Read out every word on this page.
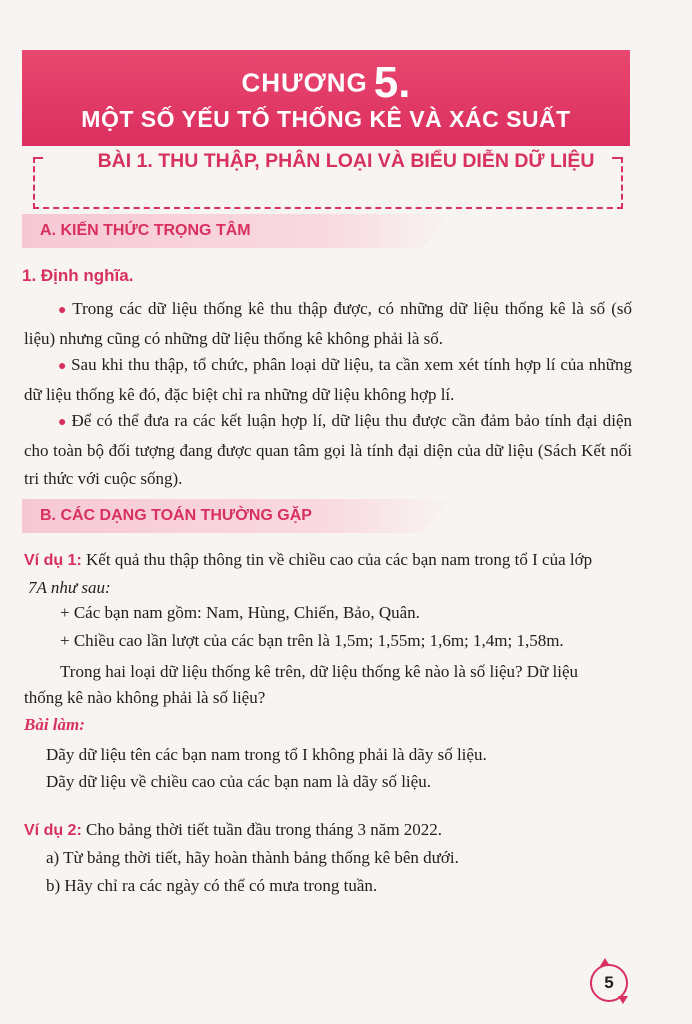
CHƯƠNG 5.
MỘT SỐ YẾU TỐ THỐNG KÊ VÀ XÁC SUẤT
BÀI 1. THU THẬP, PHÂN LOẠI VÀ BIỂU DIỄN DỮ LIỆU
A. KIẾN THỨC TRỌNG TÂM
1. Định nghĩa.
● Trong các dữ liệu thống kê thu thập được, có những dữ liệu thống kê là số (số liệu) nhưng cũng có những dữ liệu thống kê không phải là số.
● Sau khi thu thập, tổ chức, phân loại dữ liệu, ta cần xem xét tính hợp lí của những dữ liệu thống kê đó, đặc biệt chỉ ra những dữ liệu không hợp lí.
● Để có thể đưa ra các kết luận hợp lí, dữ liệu thu được cần đảm bảo tính đại diện cho toàn bộ đối tượng đang được quan tâm gọi là tính đại diện của dữ liệu (Sách Kết nối tri thức với cuộc sống).
B. CÁC DẠNG TOÁN THƯỜNG GẶP
Ví dụ 1: Kết quả thu thập thông tin về chiều cao của các bạn nam trong tổ I của lớp
7A như sau:
+ Các bạn nam gồm: Nam, Hùng, Chiến, Bảo, Quân.
+ Chiều cao lần lượt của các bạn trên là 1,5m; 1,55m; 1,6m; 1,4m; 1,58m.
Trong hai loại dữ liệu thống kê trên, dữ liệu thống kê nào là số liệu? Dữ liệu
thống kê nào không phải là số liệu?
Bài làm:
Dãy dữ liệu tên các bạn nam trong tổ I không phải là dãy số liệu.
Dãy dữ liệu về chiều cao của các bạn nam là dãy số liệu.
Ví dụ 2: Cho bảng thời tiết tuần đầu trong tháng 3 năm 2022.
a) Từ bảng thời tiết, hãy hoàn thành bảng thống kê bên dưới.
b) Hãy chỉ ra các ngày có thể có mưa trong tuần.
5
